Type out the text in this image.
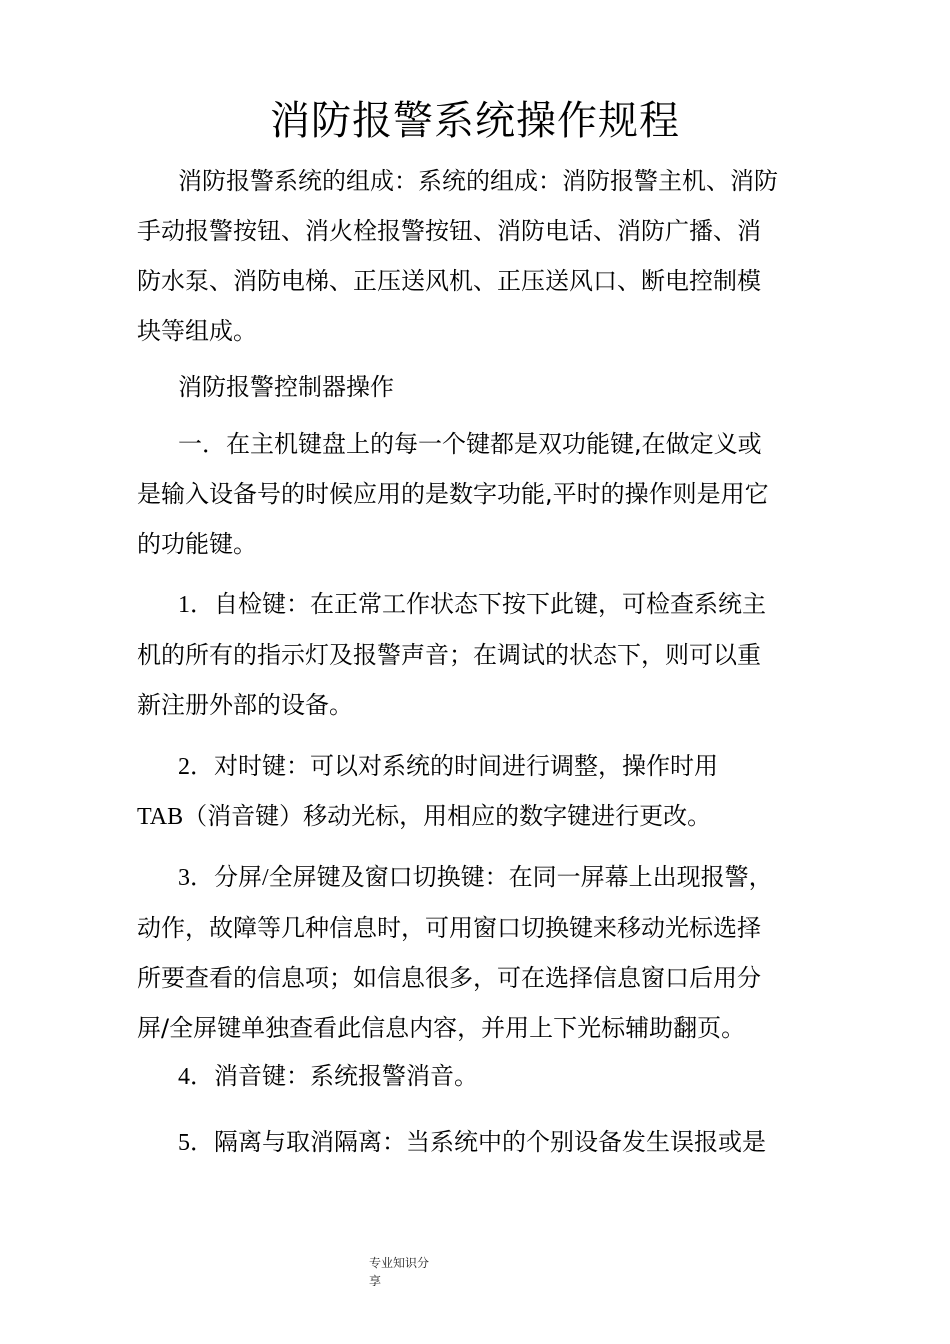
消防报警系统操作规程
消防报警系统的组成：系统的组成：消防报警主机、消防
手动报警按钮、消火栓报警按钮、消防电话、消防广播、消
防水泵、消防电梯、正压送风机、正压送风口、断电控制模
块等组成。
消防报警控制器操作
一．在主机键盘上的每一个键都是双功能键,在做定义或
是输入设备号的时候应用的是数字功能,平时的操作则是用它
的功能键。
1．自检键：在正常工作状态下按下此键，可检查系统主
机的所有的指示灯及报警声音；在调试的状态下，则可以重
新注册外部的设备。
2．对时键：可以对系统的时间进行调整，操作时用
TAB（消音键）移动光标，用相应的数字键进行更改。
3．分屏/全屏键及窗口切换键：在同一屏幕上出现报警，
动作，故障等几种信息时，可用窗口切换键来移动光标选择
所要查看的信息项；如信息很多，可在选择信息窗口后用分
屏/全屏键单独查看此信息内容，并用上下光标辅助翻页。
4．消音键：系统报警消音。
5．隔离与取消隔离：当系统中的个别设备发生误报或是
专业知识分
享
